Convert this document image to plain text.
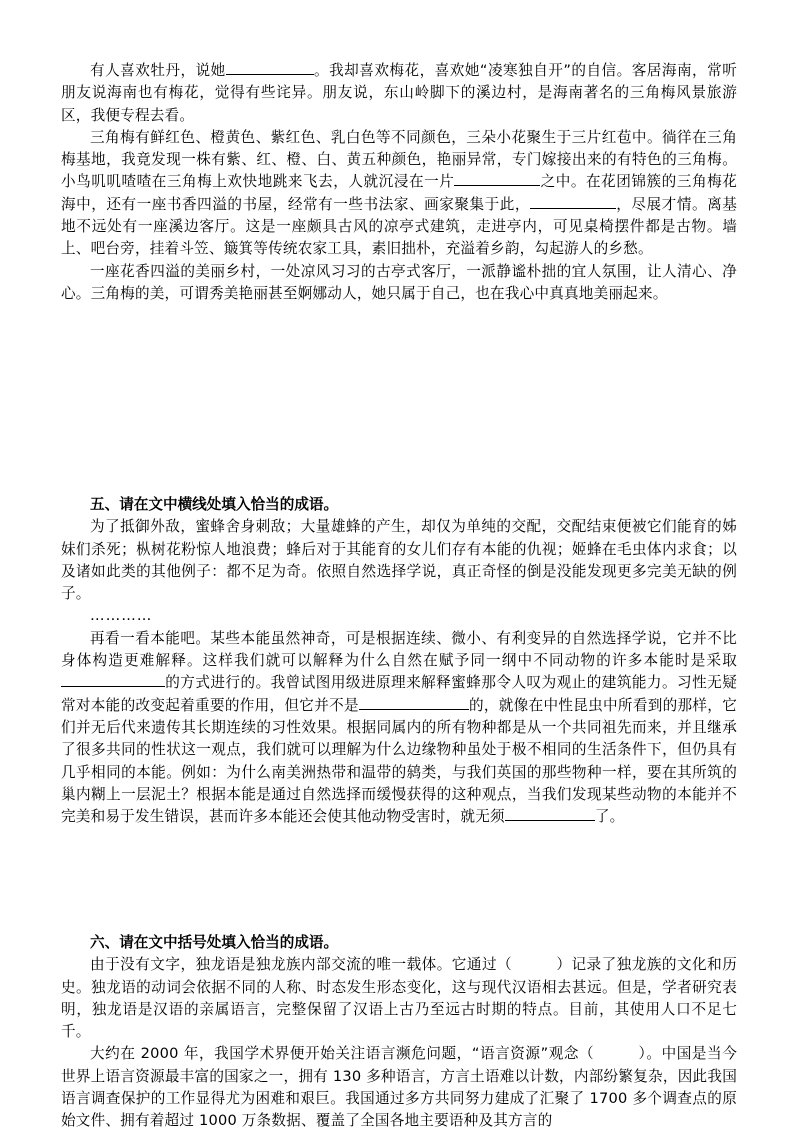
有人喜欢牡丹，说她	。我却喜欢梅花，喜欢她“凌寒独自开”的自信。客居海南，常听朋友说海南也有梅花，觉得有些诧异。朋友说，东山岭脚下的溪边村，是海南著名的三角梅风景旅游区，我便专程去看。

三角梅有鲜红色、橙黄色、紫红色、乳白色等不同颜色，三朵小花聚生于三片红苞中。徜徉在三角梅基地，我竟发现一株有紫、红、橙、白、黄五种颜色，艳丽异常，专门嫁接出来的有特色的三角梅。小鸟叽叽喳喳在三角梅上欢快地跳来飞去，人就沉浸在一片	之中。在花团锦簇的三角梅花海中，还有一座书香四溢的书屋，经常有一些书法家、画家聚集于此，	，尽展才情。离基地不远处有一座溪边客厅。这是一座颇具古风的凉亭式建筑，走进亭内，可见桌椅摆件都是古物。墙上、吧台旁，挂着斗笠、簸箕等传统农家工具，素旧拙朴，充溢着乡韵，勾起游人的乡愁。

一座花香四溢的美丽乡村，一处凉风习习的古亭式客厅，一派静谧朴拙的宜人氛围，让人清心、净心。三角梅的美，可谓秀美艳丽甚至婀娜动人，她只属于自己，也在我心中真真地美丽起来。

五、请在文中横线处填入恰当的成语。

为了抵御外敌，蜜蜂舍身刺敌；大量雄蜂的产生，却仅为单纯的交配，交配结束便被它们能育的姊妹们杀死；枞树花粉惊人地浪费；蜂后对于其能育的女儿们存有本能的仇视；姬蜂在毛虫体内求食；以及诸如此类的其他例子：都不足为奇。依照自然选择学说，真正奇怪的倒是没能发现更多完美无缺的例子。

…………

再看一看本能吧。某些本能虽然神奇，可是根据连续、微小、有利变异的自然选择学说，它并不比身体构造更难解释。这样我们就可以解释为什么自然在赋予同一纲中不同动物的许多本能时是采取的方式进行的。我曾试图用级进原理来解释蜜蜂那令人叹为观止的建筑能力。习性无疑常对本能的改变起着重要的作用，但它并不是	的，就像在中性昆虫中所看到的那样，它们并无后代来遗传其长期连续的习性效果。根据同属内的所有物种都是从一个共同祖先而来，并且继承了很多共同的性状这一观点，我们就可以理解为什么边缘物种虽处于极不相同的生活条件下，但仍具有几乎相同的本能。例如：为什么南美洲热带和温带的鸫类，与我们英国的那些物种一样，要在其所筑的巢内糊上一层泥土？根据本能是通过自然选择而缓慢获得的这种观点，当我们发现某些动物的本能并不完美和易于发生错误，甚而许多本能还会使其他动物受害时，就无须	了。

六、请在文中括号处填入恰当的成语。

由于没有文字，独龙语是独龙族内部交流的唯一载体。它通过（	）记录了独龙族的文化和历史。独龙语的动词会依据不同的人称、时态发生形态变化，这与现代汉语相去甚远。但是，学者研究表明，独龙语是汉语的亲属语言，完整保留了汉语上古乃至远古时期的特点。目前，其使用人口不足七千。

大约在 2000 年，我国学术界便开始关注语言濒危问题，“语言资源”观念（	）。中国是当今世界上语言资源最丰富的国家之一，拥有 130 多种语言，方言土语难以计数，内部纷繁复杂，因此我国语言调查保护的工作显得尤为困难和艰巨。我国通过多方共同努力建成了汇聚了 1700 多个调查点的原始文件、拥有着超过 1000 万条数据、覆盖了全国各地主要语种及其方言的
